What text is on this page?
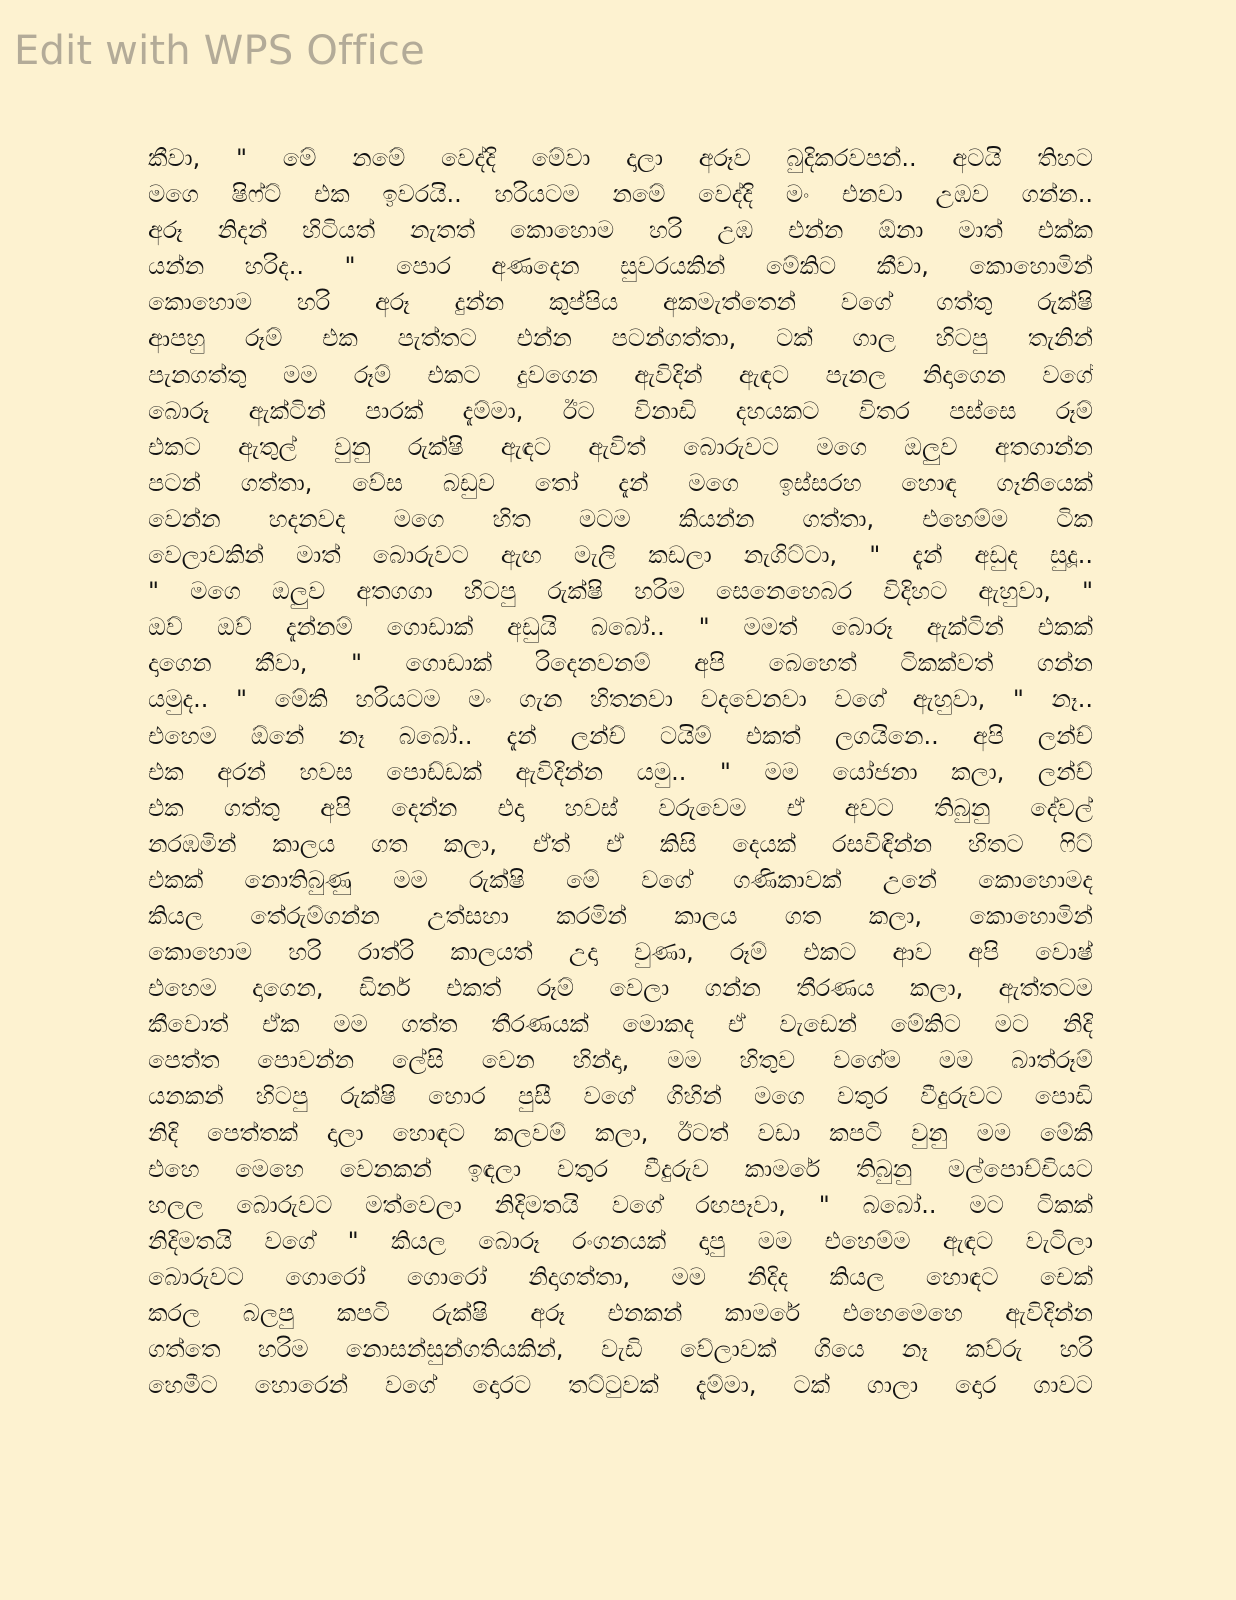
Edit with WPS Office
කීවා, " මේ නමේ වෙද්දි මේවා දාලා අරූව බුදිකරවපන්.. අටයි තිහට
මගෙ ෂිෆ්ට් එක ඉවරයි.. හරියටම නමේ වෙද්දි මං එනවා උඹව ගන්න..
අරූ නිදන් හිටියත් නැතත් කොහොම හරි උඹ එන්න ඕනා මාත් එක්ක
යන්න හරිද.. " පොර අණදෙන සුවරයකින් මේකිට කීවා, කොහොමින්
කොහොම හරි අරූ දුන්න කුප්පිය අකමැත්තෙන් වගේ ගත්තු රුක්ෂි
ආපහු රූම් එක පැත්තට එන්න පටන්ගත්තා, ටක් ගාල හිටපු තැනින්
පැනගත්තු මම රූම් එකට දුවගෙන ඇවිදින් ඇඳට පැනල නිදාගෙන වගේ
බොරූ ඇක්ටින් පාරක් දැම්මා, ඊට විනාඩි දහයකට විතර පස්සෙ රූම්
එකට ඇතුල් වුනු රුක්ෂි ඇඳට ඇවිත් බොරුවට මගෙ ඔලුව අතගාන්න
පටන් ගත්තා, වේස බඩුව තෝ දැන් මගෙ ඉස්සරහ හොඳ ගෑනියෙක්
වෙන්න හදනවද මගෙ හිත මටම කියන්න ගත්තා, එහෙම්ම ටික
වෙලාවකින් මාත් බොරුවට ඇඟ මැලි කඩලා නැගිට්ටා, " දැන් අඩුද සුදූ..
" මගෙ ඔලුව අතගගා හිටපු රුක්ෂි හරිම සෙනෙහෙබර විදිහට ඇහුවා, "
ඔව් ඔව් දැන්නම් ගොඩාක් අඩුයි බබෝ.. " මමත් බොරූ ඇක්ටින් එකක්
දාගෙන කීවා, " ගොඩාක් රිදෙනවනම් අපි බෙහෙත් ටිකක්වත් ගන්න
යමුද.. " මේකි හරියටම මං ගැන හිතනවා වදවෙනවා වගේ ඇහුවා, " නෑ..
එහෙම ඕනේ නෑ බබෝ.. දැන් ලන්ච් ටයිම් එකත් ලගයිනෙ.. අපි ලන්ච්
එක අරන් හවස පොඩ්ඩක් ඇවිදින්න යමු.. " මම යෝජනා කලා, ලන්ච්
එක ගත්තු අපි දෙන්න එදා හවස් වරුවෙම ඒ අවට තිබුනු දේවල්
නරඹමින් කාලය ගත කලා, ඒත් ඒ කිසි දෙයක් රසවිඳින්න හිතට ෆිට්
එකක් නොතිබුණු මම රුක්ෂි මේ වගේ ගණිකාවක් උනේ කොහොමද
කියල තේරුම්ගන්න උත්සහා කරමින් කාලය ගත කලා, කොහොමින්
කොහොම හරි රාත්රි කාලයත් උදා වුණා, රූම් එකට ආව අපි වොෂ්
එහෙම දාගෙන, ඩිනර් එකත් රූම් වෙලා ගන්න තීරණය කලා, ඇත්තටම
කීවොත් ඒක මම ගත්ත තීරණයක් මොකද ඒ වැඩෙන් මේකිට මට නිදි
පෙත්ත පොවන්න ලේසි වෙන හින්දා, මම හිතුව වගේම මම බාත්රූම්
යනකන් හිටපු රුක්ෂි හොර පුසී වගේ ගිහින් මගෙ වතුර වීදුරුවට පොඩි
නිදි පෙත්තක් දාලා හොඳට කලවම් කලා, ඊටත් වඩා කපටි වුනු මම මේකි
එහෙ මෙහෙ වෙනකන් ඉඳලා වතුර වීදුරුව කාමරේ තිබුනු මල්පොච්චියට
හලල බොරුවට මත්වෙලා නිදිමතයි වගේ රඟපෑවා, " බබෝ.. මට ටිකක්
නිදිමතයි වගේ " කියල බොරූ රංගනයක් දාපු මම එහෙම්ම ඇඳට වැටිලා
බොරුවට ගොරෝ ගොරෝ නිදාගත්තා, මම නිදිද කියල හොඳට චෙක්
කරල බලපු කපටි රුක්ෂි අරූ එනකන් කාමරේ එහෙමෙහෙ ඇවිදින්න
ගත්තෙ හරිම නොසන්සුන්ගතියකින්, වැඩි වේලාවක් ගියෙ නෑ කව්රු හරි
හෙමීට හොරෙන් වගේ දොරට තට්ටුවක් දැම්මා, ටක් ගාලා දොර ගාවට
